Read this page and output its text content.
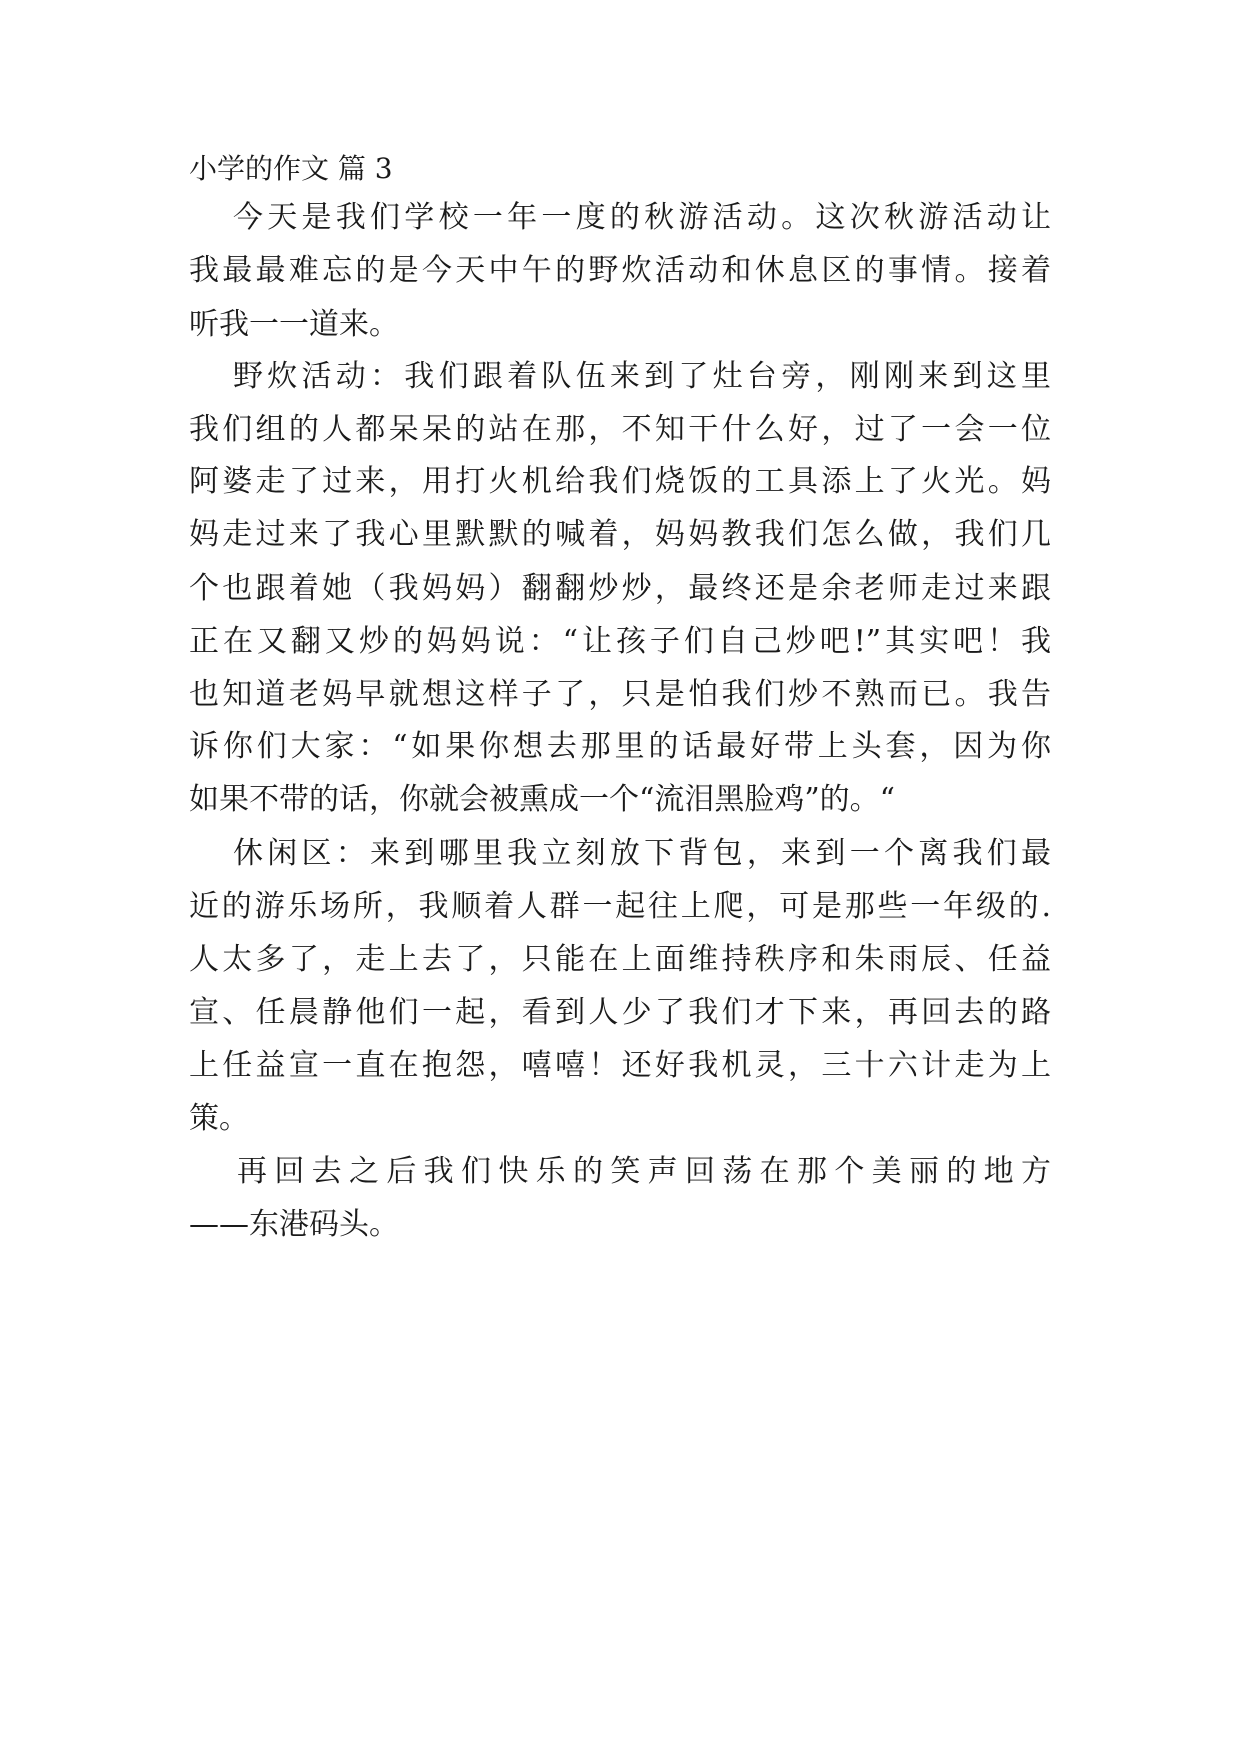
小学的作文 篇 3

今天是我们学校一年一度的秋游活动。这次秋游活动让

我最最难忘的是今天中午的野炊活动和休息区的事情。接着

听我一一道来。

野炊活动：我们跟着队伍来到了灶台旁，刚刚来到这里

我们组的人都呆呆的站在那，不知干什么好，过了一会一位

阿婆走了过来，用打火机给我们烧饭的工具添上了火光。妈

妈走过来了我心里默默的喊着，妈妈教我们怎么做，我们几

个也跟着她（我妈妈）翻翻炒炒，最终还是余老师走过来跟

正在又翻又炒的妈妈说：“让孩子们自己炒吧!”其实吧！我

也知道老妈早就想这样子了，只是怕我们炒不熟而已。我告

诉你们大家：“如果你想去那里的话最好带上头套，因为你

如果不带的话，你就会被熏成一个“流泪黑脸鸡”的。“

休闲区：来到哪里我立刻放下背包，来到一个离我们最

近的游乐场所，我顺着人群一起往上爬，可是那些一年级的.

人太多了，走上去了，只能在上面维持秩序和朱雨辰、任益

宣、任晨静他们一起，看到人少了我们才下来，再回去的路

上任益宣一直在抱怨，嘻嘻！还好我机灵，三十六计走为上

策。

再回去之后我们快乐的笑声回荡在那个美丽的地方

——东港码头。
